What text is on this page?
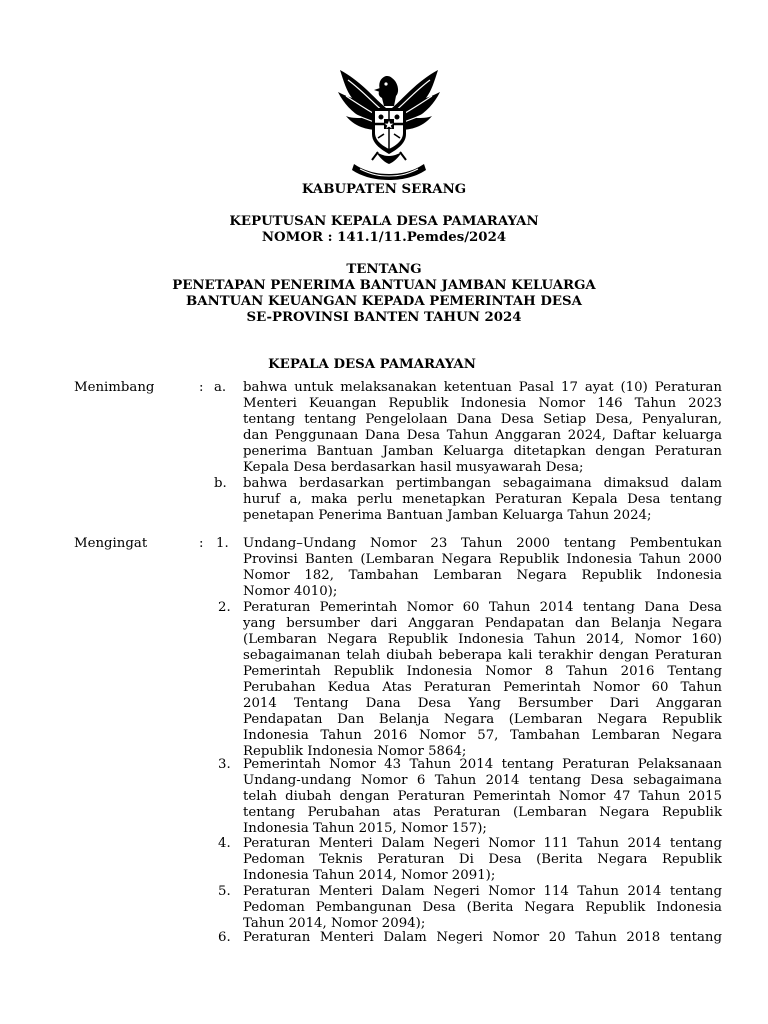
KABUPATEN SERANG
KEPUTUSAN KEPALA DESA PAMARAYAN
NOMOR : 141.1/11.Pemdes/2024
TENTANG
PENETAPAN PENERIMA BANTUAN JAMBAN KELUARGA
BANTUAN KEUANGAN KEPADA PEMERINTAH DESA
SE-PROVINSI BANTEN TAHUN 2024
KEPALA DESA PAMARAYAN
Menimbang	: a. bahwa untuk melaksanakan ketentuan Pasal 17 ayat (10) Peraturan
Menteri Keuangan Republik Indonesia Nomor 146 Tahun 2023
tentang tentang Pengelolaan Dana Desa Setiap Desa, Penyaluran,
dan Penggunaan Dana Desa Tahun Anggaran 2024, Daftar keluarga
penerima Bantuan Jamban Keluarga ditetapkan dengan Peraturan
Kepala Desa berdasarkan hasil musyawarah Desa;
b. bahwa berdasarkan pertimbangan sebagaimana dimaksud dalam
huruf a, maka perlu menetapkan Peraturan Kepala Desa tentang
penetapan Penerima Bantuan Jamban Keluarga Tahun 2024;
Mengingat	: 1. Undang–Undang Nomor 23 Tahun 2000 tentang Pembentukan
Provinsi Banten (Lembaran Negara Republik Indonesia Tahun 2000
Nomor 182, Tambahan Lembaran Negara Republik Indonesia
Nomor 4010);
2. Peraturan Pemerintah Nomor 60 Tahun 2014 tentang Dana Desa
yang bersumber dari Anggaran Pendapatan dan Belanja Negara
(Lembaran Negara Republik Indonesia Tahun 2014, Nomor 160)
sebagaimanan telah diubah beberapa kali terakhir dengan Peraturan
Pemerintah Republik Indonesia Nomor 8 Tahun 2016 Tentang
Perubahan Kedua Atas Peraturan Pemerintah Nomor 60 Tahun
2014 Tentang Dana Desa Yang Bersumber Dari Anggaran
Pendapatan Dan Belanja Negara (Lembaran Negara Republik
Indonesia Tahun 2016 Nomor 57, Tambahan Lembaran Negara
Republik Indonesia Nomor 5864;
3. Pemerintah Nomor 43 Tahun 2014 tentang Peraturan Pelaksanaan
Undang-undang Nomor 6 Tahun 2014 tentang Desa sebagaimana
telah diubah dengan Peraturan Pemerintah Nomor 47 Tahun 2015
tentang Perubahan atas Peraturan (Lembaran Negara Republik
Indonesia Tahun 2015, Nomor 157);
4. Peraturan Menteri Dalam Negeri Nomor 111 Tahun 2014 tentang
Pedoman Teknis Peraturan Di Desa (Berita Negara Republik
Indonesia Tahun 2014, Nomor 2091);
5. Peraturan Menteri Dalam Negeri Nomor 114 Tahun 2014 tentang
Pedoman Pembangunan Desa (Berita Negara Republik Indonesia
Tahun 2014, Nomor 2094);
6. Peraturan Menteri Dalam Negeri Nomor 20 Tahun 2018 tentang
